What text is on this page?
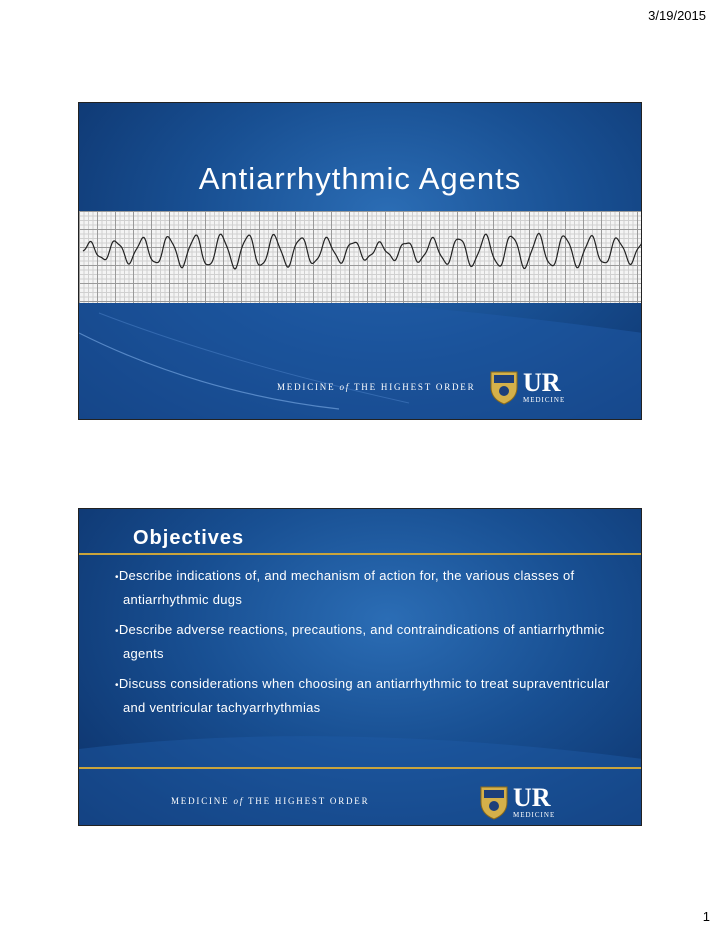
3/19/2015
Antiarrhythmic Agents
MEDICINE of THE HIGHEST ORDER UR
MEDICINE
Objectives
• Describe indications of, and mechanism of action for, the various classes of antiarrhythmic dugs
• Describe adverse reactions, precautions, and contraindications of antiarrhythmic agents
• Discuss considerations when choosing an antiarrhythmic to treat supraventricular and ventricular tachyarrhythmias
MEDICINE of THE HIGHEST ORDER	UR
MEDICINE
1
